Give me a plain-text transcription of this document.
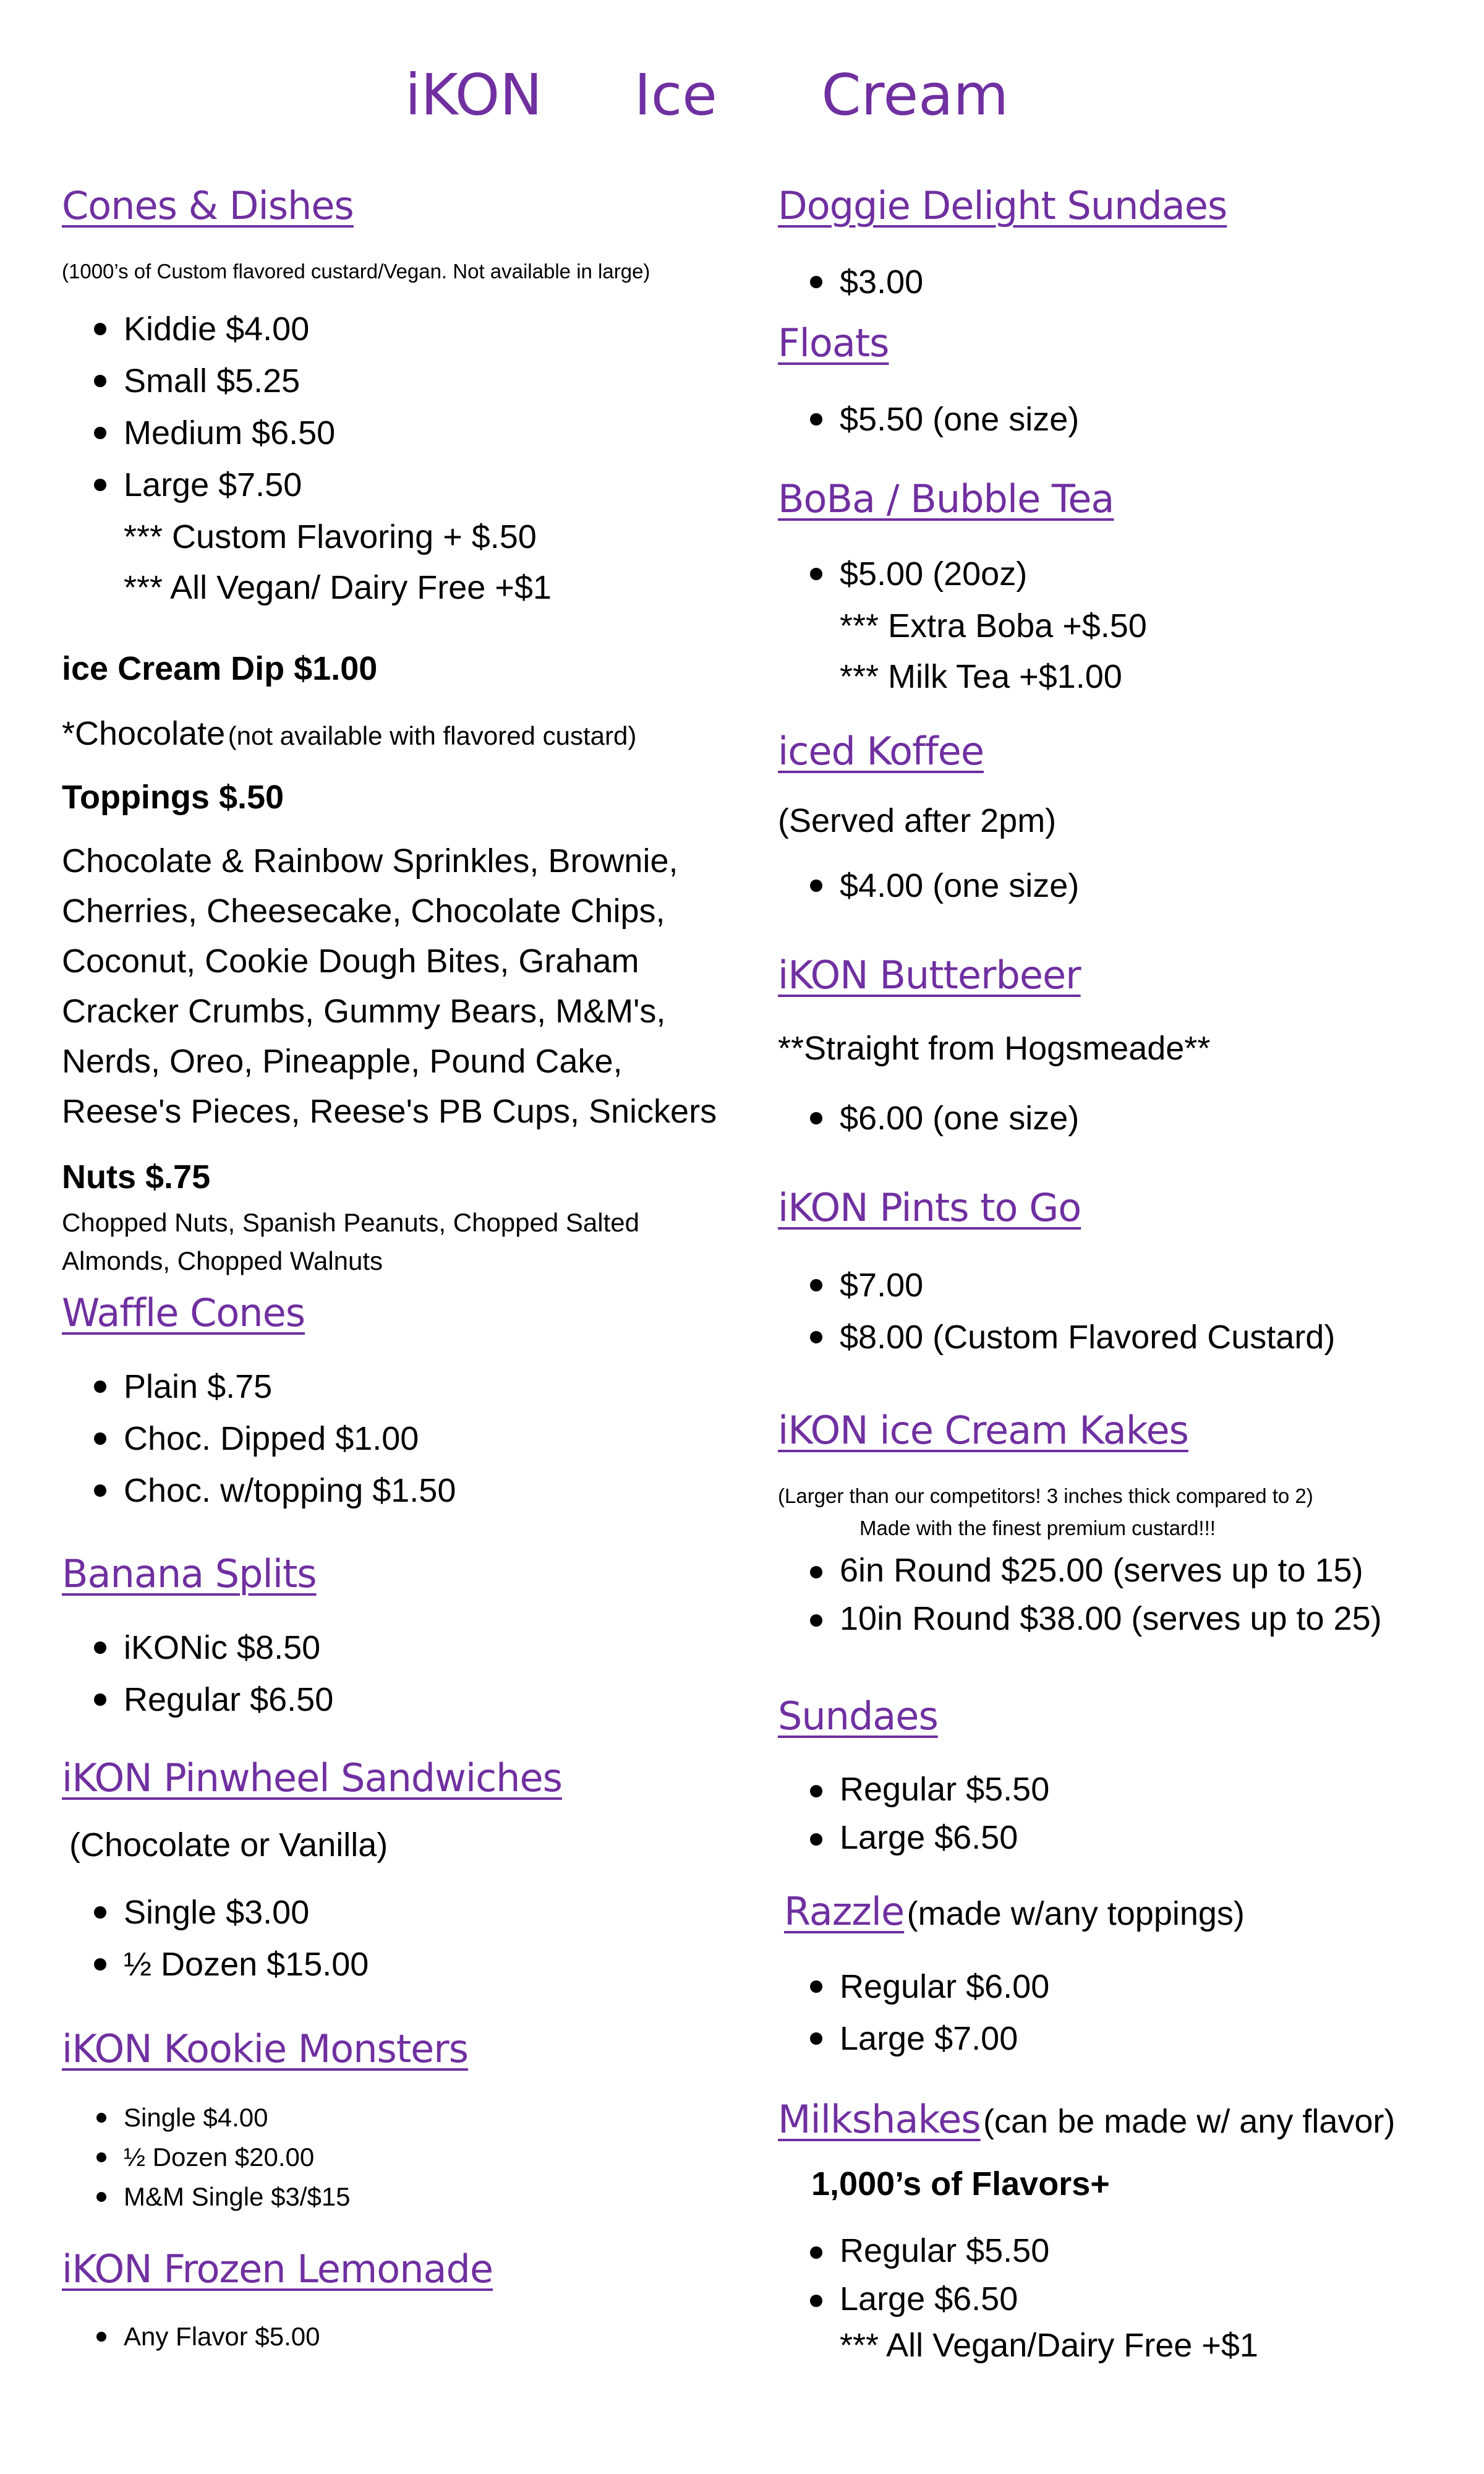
iKON Ice Cream
Cones & Dishes
(1000’s of Custom flavored custard/Vegan. Not available in large)
Kiddie $4.00
Small $5.25
Medium $6.50
Large $7.50
*** Custom Flavoring + $.50
*** All Vegan/ Dairy Free +$1
ice Cream Dip $1.00
*Chocolate (not available with flavored custard)
Toppings $.50
Chocolate & Rainbow Sprinkles, Brownie,
Cherries, Cheesecake, Chocolate Chips,
Coconut, Cookie Dough Bites, Graham
Cracker Crumbs, Gummy Bears, M&M's,
Nerds, Oreo, Pineapple, Pound Cake,
Reese's Pieces, Reese's PB Cups, Snickers
Nuts $.75
Chopped Nuts, Spanish Peanuts, Chopped Salted
Almonds, Chopped Walnuts
Waffle Cones
Plain $.75
Choc. Dipped $1.00
Choc. w/topping $1.50
Banana Splits
iKONic $8.50
Regular $6.50
iKON Pinwheel Sandwiches
(Chocolate or Vanilla)
Single $3.00
½ Dozen $15.00
iKON Kookie Monsters
Single $4.00
½ Dozen $20.00
M&M Single $3/$15
iKON Frozen Lemonade
Any Flavor $5.00
Doggie Delight Sundaes
$3.00
Floats
$5.50 (one size)
BoBa / Bubble Tea
$5.00 (20oz)
*** Extra Boba +$.50
*** Milk Tea +$1.00
iced Koffee
(Served after 2pm)
$4.00 (one size)
iKON Butterbeer
**Straight from Hogsmeade**
$6.00 (one size)
iKON Pints to Go
$7.00
$8.00 (Custom Flavored Custard)
iKON ice Cream Kakes
(Larger than our competitors! 3 inches thick compared to 2)
Made with the finest premium custard!!!
6in Round $25.00 (serves up to 15)
10in Round $38.00 (serves up to 25)
Sundaes
Regular $5.50
Large $6.50
Razzle (made w/any toppings)
Regular $6.00
Large $7.00
Milkshakes (can be made w/ any flavor)
1,000’s of Flavors+
Regular $5.50
Large $6.50
*** All Vegan/Dairy Free +$1
